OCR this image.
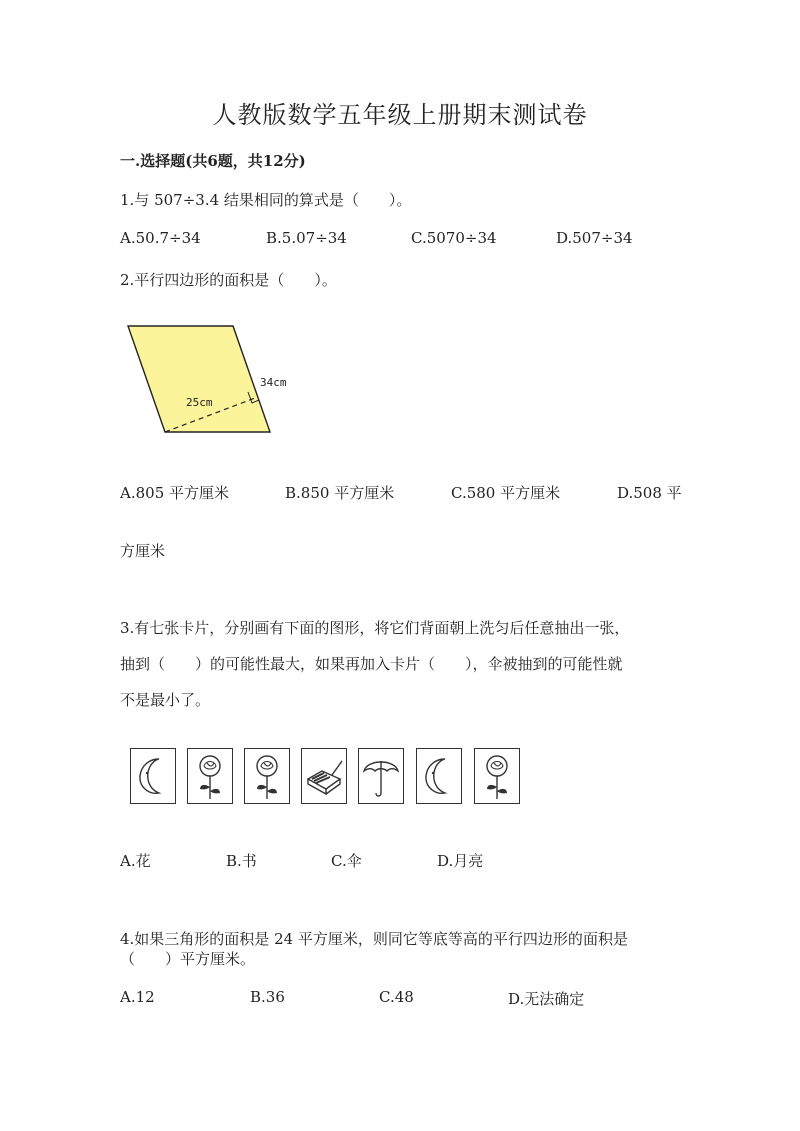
人教版数学五年级上册期末测试卷
一.选择题(共6题，共12分)
1.与 507÷3.4 结果相同的算式是（　　）。
A.50.7÷34	B.5.07÷34	C.5070÷34	D.507÷34
2.平行四边形的面积是（　　）。
34cm
25cm
A.805 平方厘米	B.850 平方厘米	C.580 平方厘米	D.508 平
方厘米
3.有七张卡片，分别画有下面的图形，将它们背面朝上洗匀后任意抽出一张，
抽到（　　）的可能性最大，如果再加入卡片（　　），伞被抽到的可能性就
不是最小了。
A.花	B.书	C.伞	D.月亮
4.如果三角形的面积是 24 平方厘米，则同它等底等高的平行四边形的面积是
（　　）平方厘米。
A.12	B.36	C.48	D.无法确定
